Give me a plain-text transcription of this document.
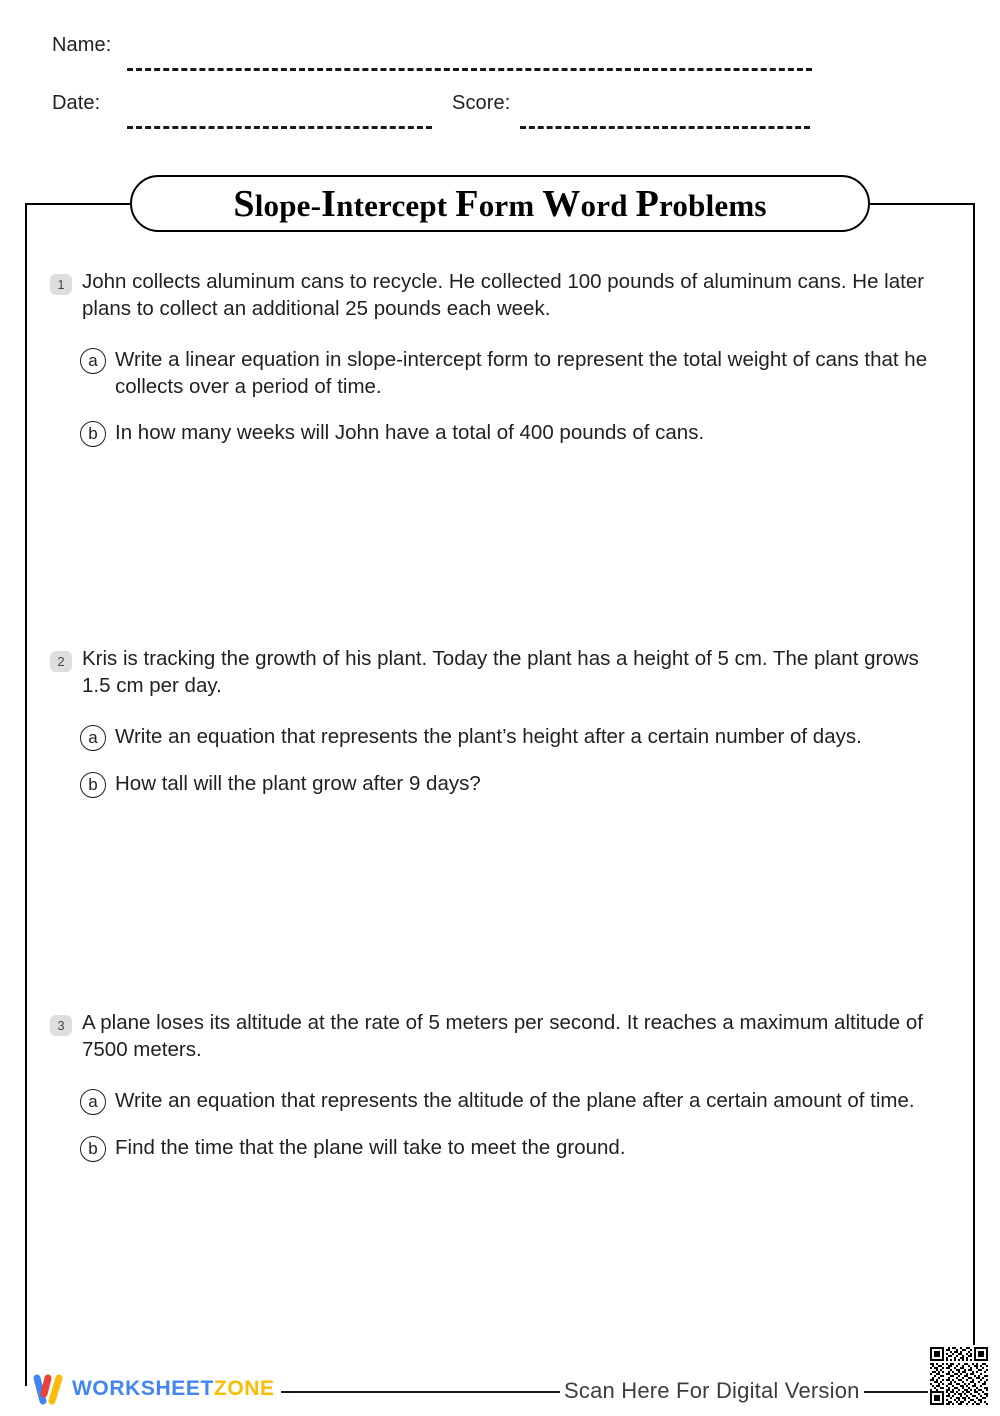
Name:
Date:	Score:
Slope-Intercept Form Word Problems
1 John collects aluminum cans to recycle. He collected 100 pounds of aluminum cans. He later plans to collect an additional 25 pounds each week.
a Write a linear equation in slope-intercept form to represent the total weight of cans that he collects over a period of time.
b In how many weeks will John have a total of 400 pounds of cans.
2 Kris is tracking the growth of his plant. Today the plant has a height of 5 cm. The plant grows 1.5 cm per day.
a Write an equation that represents the plant’s height after a certain number of days.
b How tall will the plant grow after 9 days?
3 A plane loses its altitude at the rate of 5 meters per second. It reaches a maximum altitude of 7500 meters.
a Write an equation that represents the altitude of the plane after a certain amount of time.
b Find the time that the plane will take to meet the ground.
WORKSHEETZONE	Scan Here For Digital Version
